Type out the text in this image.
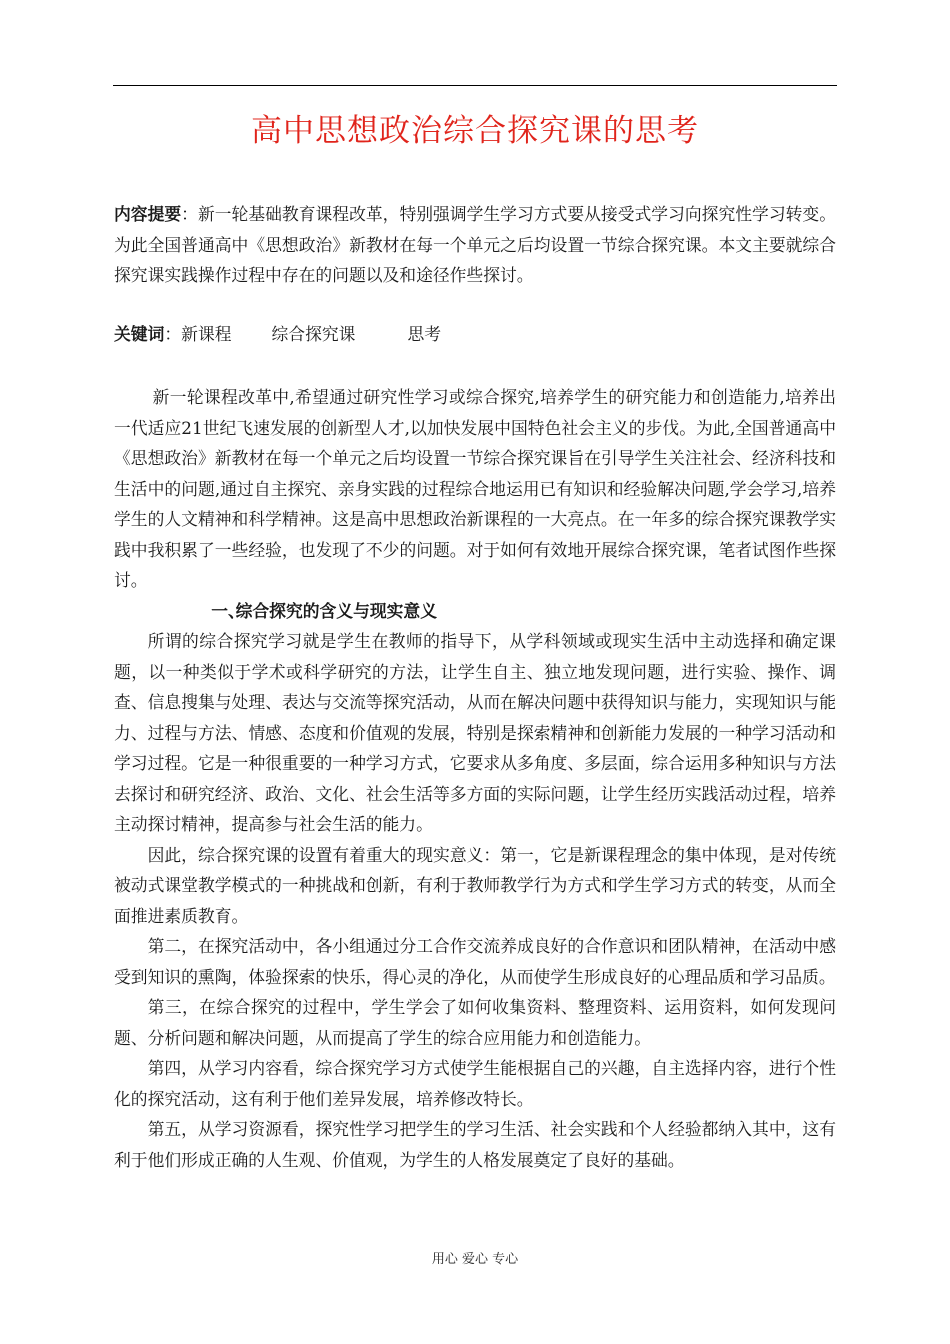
高中思想政治综合探究课的思考
内容提要：新一轮基础教育课程改革，特别强调学生学习方式要从接受式学习向探究性学习转变。为此全国普通高中《思想政治》新教材在每一个单元之后均设置一节综合探究课。本文主要就综合探究课实践操作过程中存在的问题以及和途径作些探讨。
关键词：新课程 综合探究课	思考

新一轮课程改革中,希望通过研究性学习或综合探究,培养学生的研究能力和创造能力,培养出一代适应21世纪飞速发展的创新型人才,以加快发展中国特色社会主义的步伐。为此,全国普通高中《思想政治》新教材在每一个单元之后均设置一节综合探究课旨在引导学生关注社会、经济科技和生活中的问题,通过自主探究、亲身实践的过程综合地运用已有知识和经验解决问题,学会学习,培养学生的人文精神和科学精神。这是高中思想政治新课程的一大亮点。在一年多的综合探究课教学实践中我积累了一些经验，也发现了不少的问题。对于如何有效地开展综合探究课，笔者试图作些探讨。

一、综合探究的含义与现实意义

所谓的综合探究学习就是学生在教师的指导下，从学科领域或现实生活中主动选择和确定课题，以一种类似于学术或科学研究的方法，让学生自主、独立地发现问题，进行实验、操作、调查、信息搜集与处理、表达与交流等探究活动，从而在解决问题中获得知识与能力，实现知识与能力、过程与方法、情感、态度和价值观的发展，特别是探索精神和创新能力发展的一种学习活动和学习过程。它是一种很重要的一种学习方式，它要求从多角度、多层面，综合运用多种知识与方法去探讨和研究经济、政治、文化、社会生活等多方面的实际问题，让学生经历实践活动过程，培养主动探讨精神，提高参与社会生活的能力。

因此，综合探究课的设置有着重大的现实意义：第一，它是新课程理念的集中体现，是对传统被动式课堂教学模式的一种挑战和创新，有利于教师教学行为方式和学生学习方式的转变，从而全面推进素质教育。

第二，在探究活动中，各小组通过分工合作交流养成良好的合作意识和团队精神，在活动中感受到知识的熏陶，体验探索的快乐，得心灵的净化，从而使学生形成良好的心理品质和学习品质。

第三，在综合探究的过程中，学生学会了如何收集资料、整理资料、运用资料，如何发现问题、分析问题和解决问题，从而提高了学生的综合应用能力和创造能力。

第四，从学习内容看，综合探究学习方式使学生能根据自己的兴趣，自主选择内容，进行个性化的探究活动，这有利于他们差异发展，培养修改特长。

第五，从学习资源看，探究性学习把学生的学习生活、社会实践和个人经验都纳入其中，这有利于他们形成正确的人生观、价值观，为学生的人格发展奠定了良好的基础。

用心 爱心 专心
